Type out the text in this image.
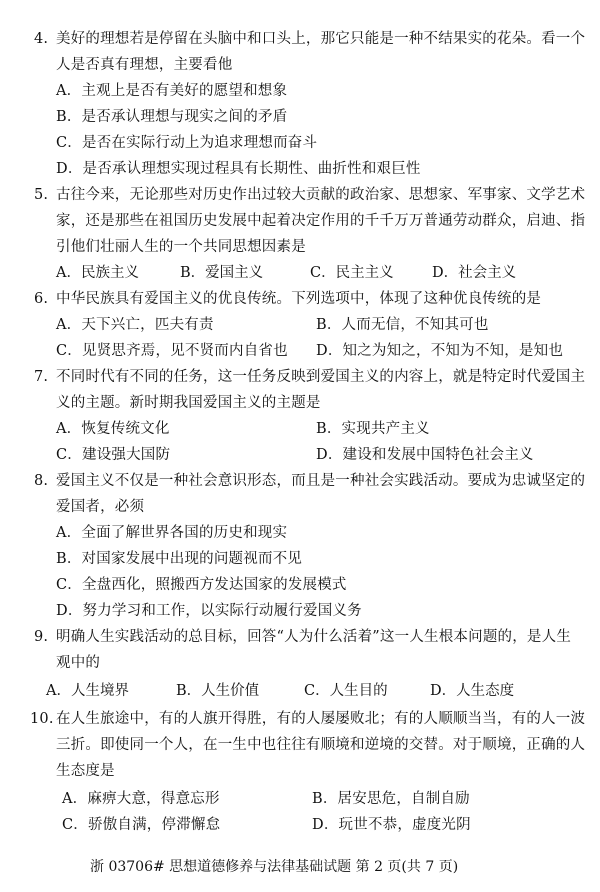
4. 美好的理想若是停留在头脑中和口头上，那它只能是一种不结果实的花朵。看一个
人是否真有理想，主要看他
A．主观上是否有美好的愿望和想象
B．是否承认理想与现实之间的矛盾
C．是否在实际行动上为追求理想而奋斗
D．是否承认理想实现过程具有长期性、曲折性和艰巨性
5. 古往今来，无论那些对历史作出过较大贡献的政治家、思想家、军事家、文学艺术
家，还是那些在祖国历史发展中起着决定作用的千千万万普通劳动群众，启迪、指
引他们壮丽人生的一个共同思想因素是
A．民族主义	B．爱国主义	C．民主主义	D．社会主义
6. 中华民族具有爱国主义的优良传统。下列选项中，体现了这种优良传统的是
A．天下兴亡，匹夫有责	B．人而无信，不知其可也
C．见贤思齐焉，见不贤而内自省也 D．知之为知之，不知为不知，是知也
7. 不同时代有不同的任务，这一任务反映到爱国主义的内容上，就是特定时代爱国主
义的主题。新时期我国爱国主义的主题是
A．恢复传统文化	B．实现共产主义
C．建设强大国防	D．建设和发展中国特色社会主义
8. 爱国主义不仅是一种社会意识形态，而且是一种社会实践活动。要成为忠诚坚定的
爱国者，必须
A．全面了解世界各国的历史和现实
B．对国家发展中出现的问题视而不见
C．全盘西化，照搬西方发达国家的发展模式
D．努力学习和工作，以实际行动履行爱国义务
9. 明确人生实践活动的总目标，回答“人为什么活着”这一人生根本问题的，是人生
观中的
A．人生境界	B．人生价值	C．人生目的	D．人生态度
10. 在人生旅途中，有的人旗开得胜，有的人屡屡败北；有的人顺顺当当，有的人一波
三折。即使同一个人，在一生中也往往有顺境和逆境的交替。对于顺境，正确的人
生态度是
A．麻痹大意，得意忘形	B．居安思危，自制自励
C．骄傲自满，停滞懈怠	D．玩世不恭，虚度光阴
浙 03706# 思想道德修养与法律基础试题 第 2 页(共 7 页)
